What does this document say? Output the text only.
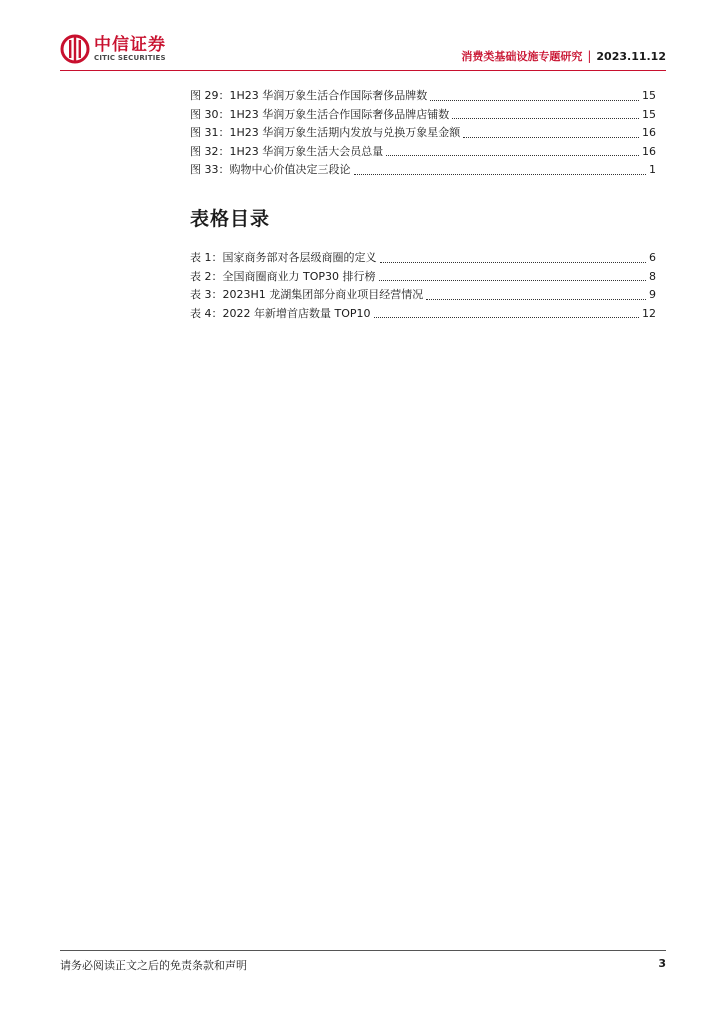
中信证券
CITIC SECURITIES	消费类基础设施专题研究 | 2023.11.12
图 29： 1H23 华润万象生活合作国际奢侈品牌数	15
图 30： 1H23 华润万象生活合作国际奢侈品牌店铺数	15
图 31： 1H23 华润万象生活期内发放与兑换万象星金额	16
图 32： 1H23 华润万象生活大会员总量	16
图 33： 购物中心价值决定三段论	1
表格目录
表 1： 国家商务部对各层级商圈的定义	6
表 2： 全国商圈商业力 TOP30 排行榜	8
表 3： 2023H1 龙湖集团部分商业项目经营情况	9
表 4： 2022 年新增首店数量 TOP10	12
请务必阅读正文之后的免责条款和声明	3
